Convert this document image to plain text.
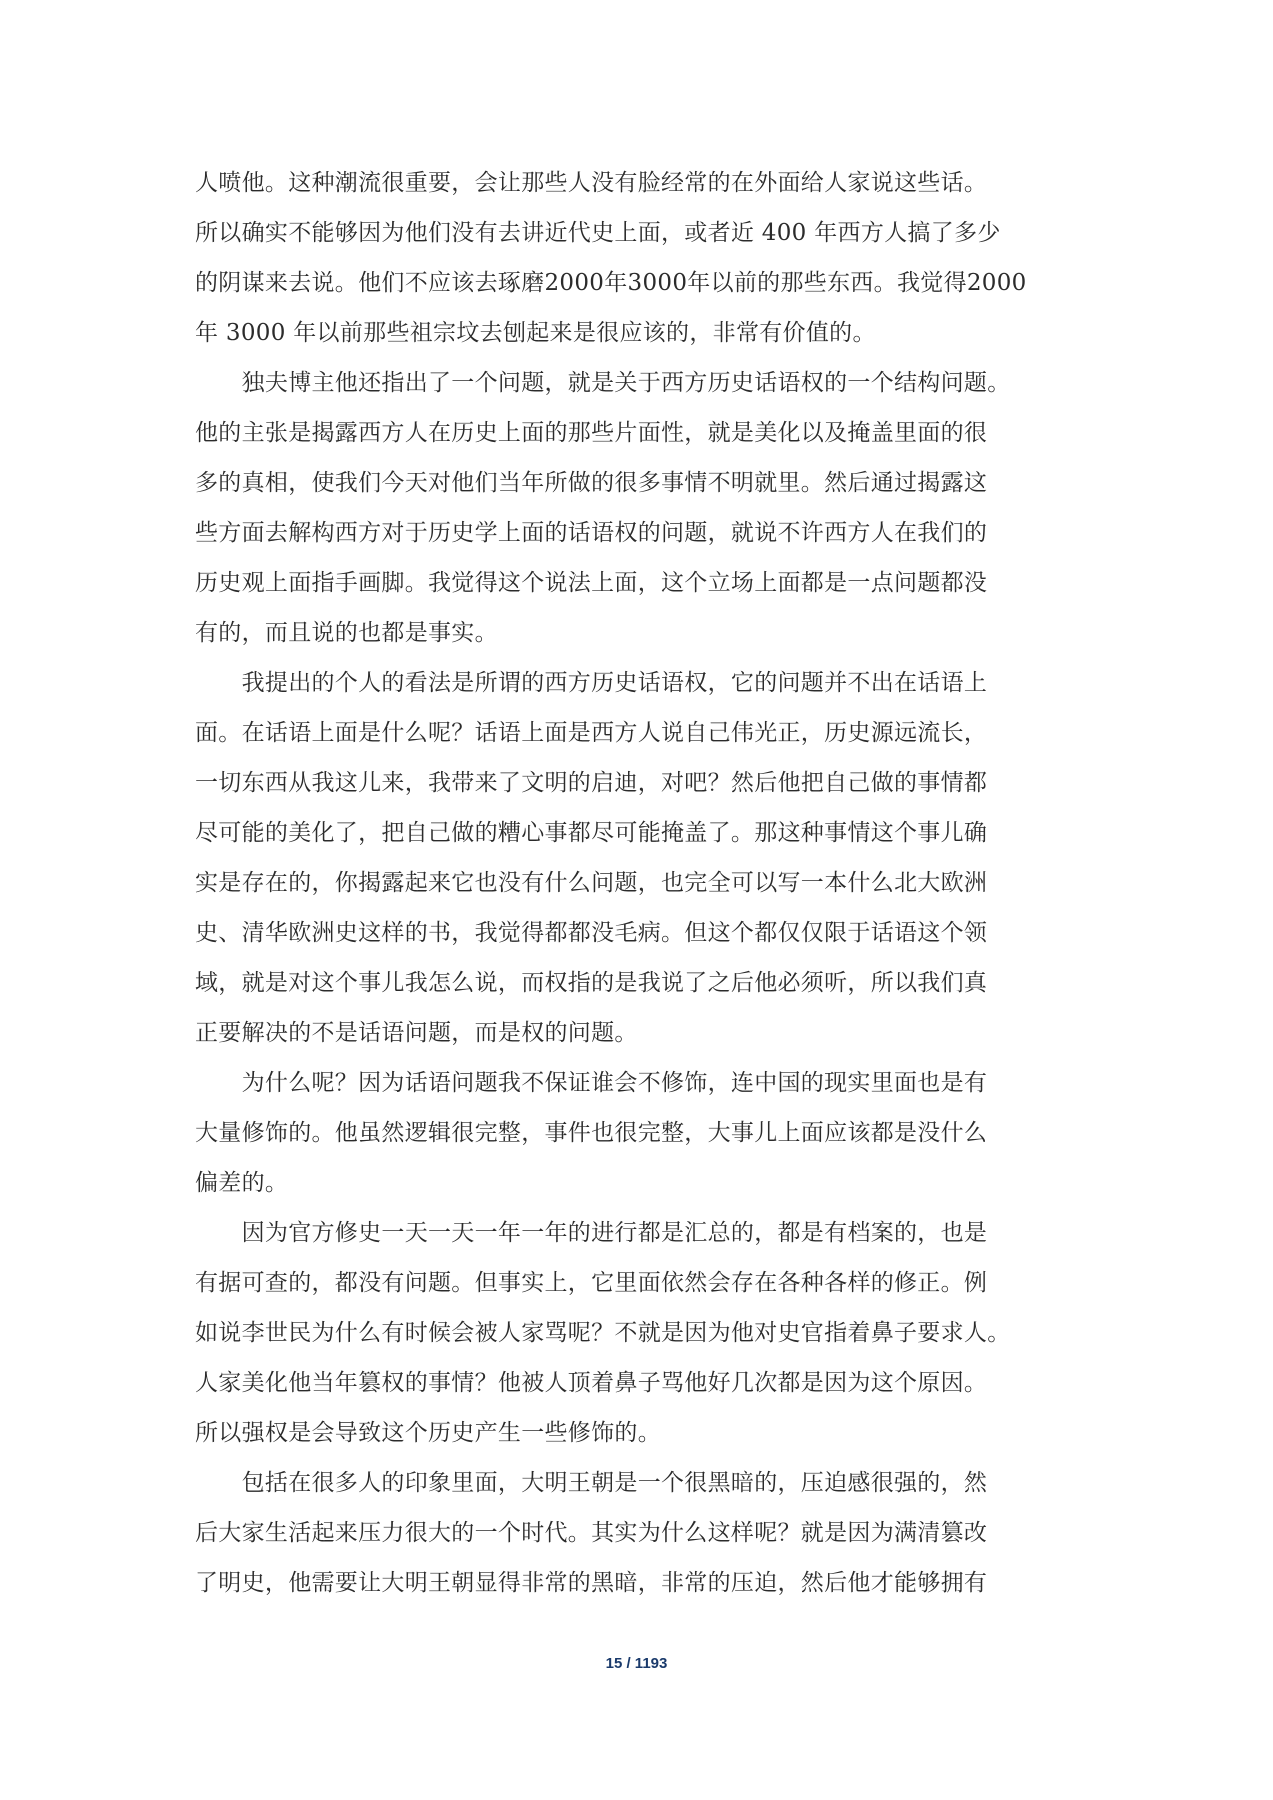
人喷他。这种潮流很重要，会让那些人没有脸经常的在外面给人家说这些话。
所以确实不能够因为他们没有去讲近代史上面，或者近 400 年西方人搞了多少
的阴谋来去说。他们不应该去琢磨2000年3000年以前的那些东西。我觉得2000
年 3000 年以前那些祖宗坟去刨起来是很应该的，非常有价值的。
　　独夫博主他还指出了一个问题，就是关于西方历史话语权的一个结构问题。
他的主张是揭露西方人在历史上面的那些片面性，就是美化以及掩盖里面的很
多的真相，使我们今天对他们当年所做的很多事情不明就里。然后通过揭露这
些方面去解构西方对于历史学上面的话语权的问题，就说不许西方人在我们的
历史观上面指手画脚。我觉得这个说法上面，这个立场上面都是一点问题都没
有的，而且说的也都是事实。
　　我提出的个人的看法是所谓的西方历史话语权，它的问题并不出在话语上
面。在话语上面是什么呢？话语上面是西方人说自己伟光正，历史源远流长，
一切东西从我这儿来，我带来了文明的启迪，对吧？然后他把自己做的事情都
尽可能的美化了，把自己做的糟心事都尽可能掩盖了。那这种事情这个事儿确
实是存在的，你揭露起来它也没有什么问题，也完全可以写一本什么北大欧洲
史、清华欧洲史这样的书，我觉得都都没毛病。但这个都仅仅限于话语这个领
域，就是对这个事儿我怎么说，而权指的是我说了之后他必须听，所以我们真
正要解决的不是话语问题，而是权的问题。
　　为什么呢？因为话语问题我不保证谁会不修饰，连中国的现实里面也是有
大量修饰的。他虽然逻辑很完整，事件也很完整，大事儿上面应该都是没什么
偏差的。
　　因为官方修史一天一天一年一年的进行都是汇总的，都是有档案的，也是
有据可查的，都没有问题。但事实上，它里面依然会存在各种各样的修正。例
如说李世民为什么有时候会被人家骂呢？不就是因为他对史官指着鼻子要求人。
人家美化他当年篡权的事情？他被人顶着鼻子骂他好几次都是因为这个原因。
所以强权是会导致这个历史产生一些修饰的。
　　包括在很多人的印象里面，大明王朝是一个很黑暗的，压迫感很强的，然
后大家生活起来压力很大的一个时代。其实为什么这样呢？就是因为满清篡改
了明史，他需要让大明王朝显得非常的黑暗，非常的压迫，然后他才能够拥有
15 / 1193
